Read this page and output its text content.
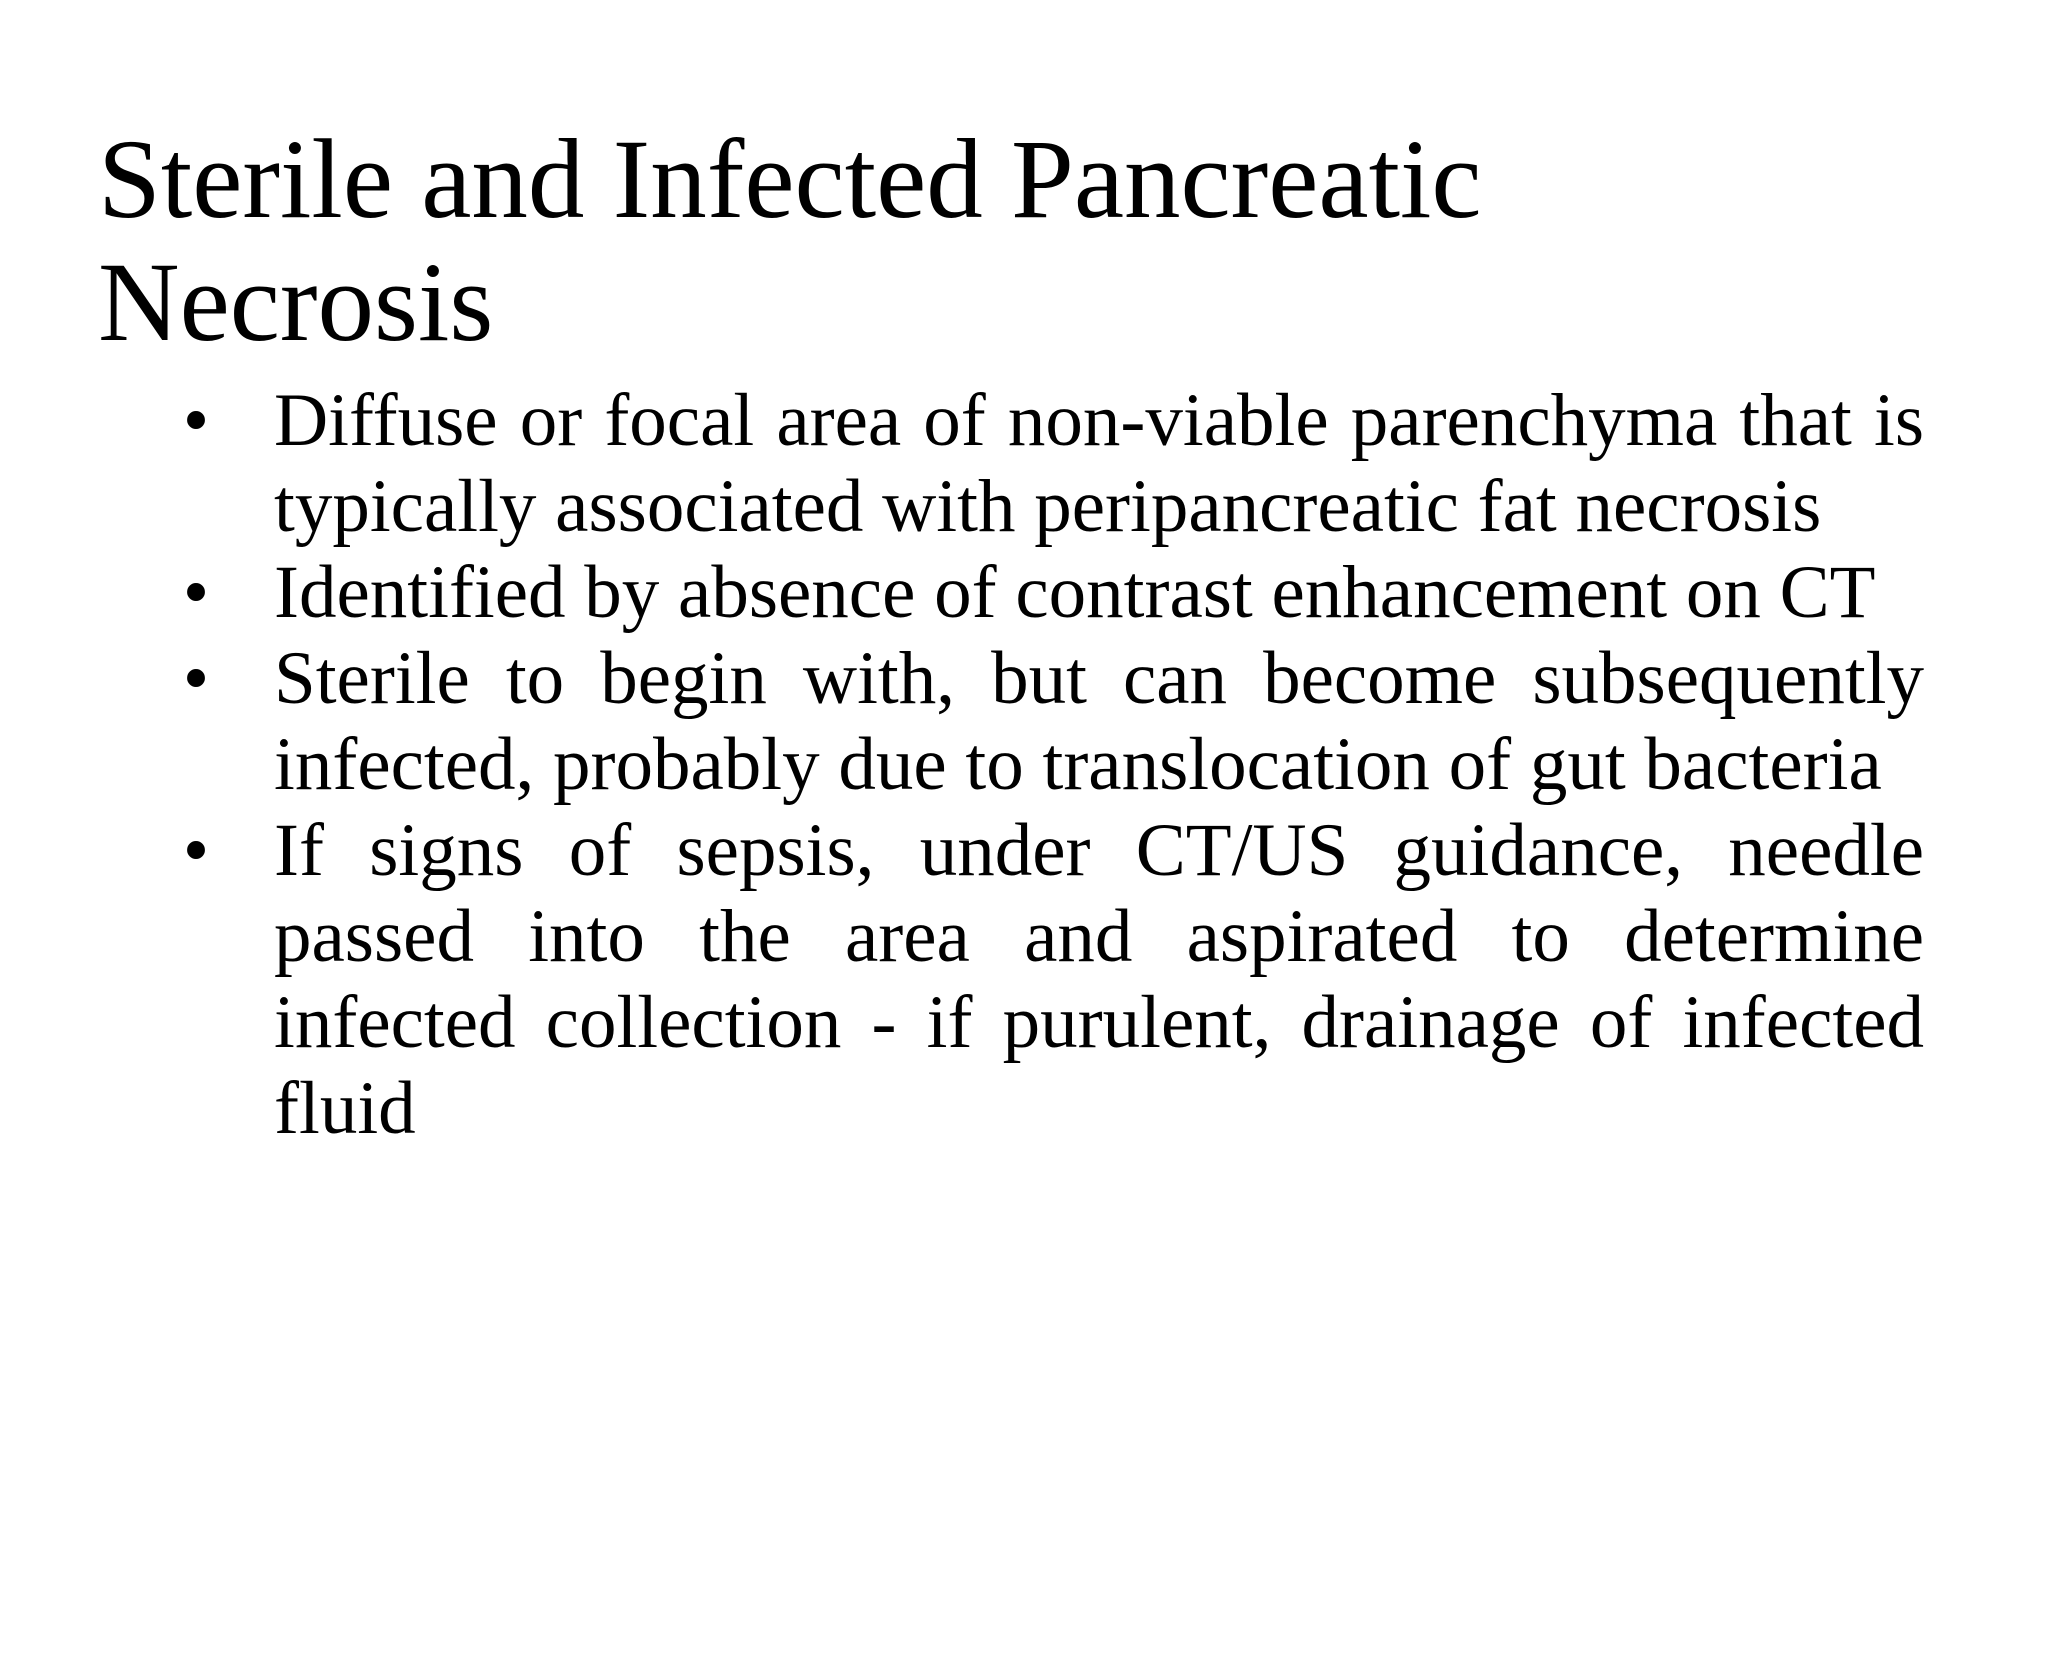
Sterile and Infected Pancreatic Necrosis
• Diffuse or focal area of non-viable parenchyma that is typically associated with peripancreatic fat necrosis
• Identified by absence of contrast enhancement on CT
• Sterile to begin with, but can become subsequently infected, probably due to translocation of gut bacteria
• If signs of sepsis, under CT/US guidance, needle passed into the area and aspirated to determine infected collection - if purulent, drainage of infected fluid
